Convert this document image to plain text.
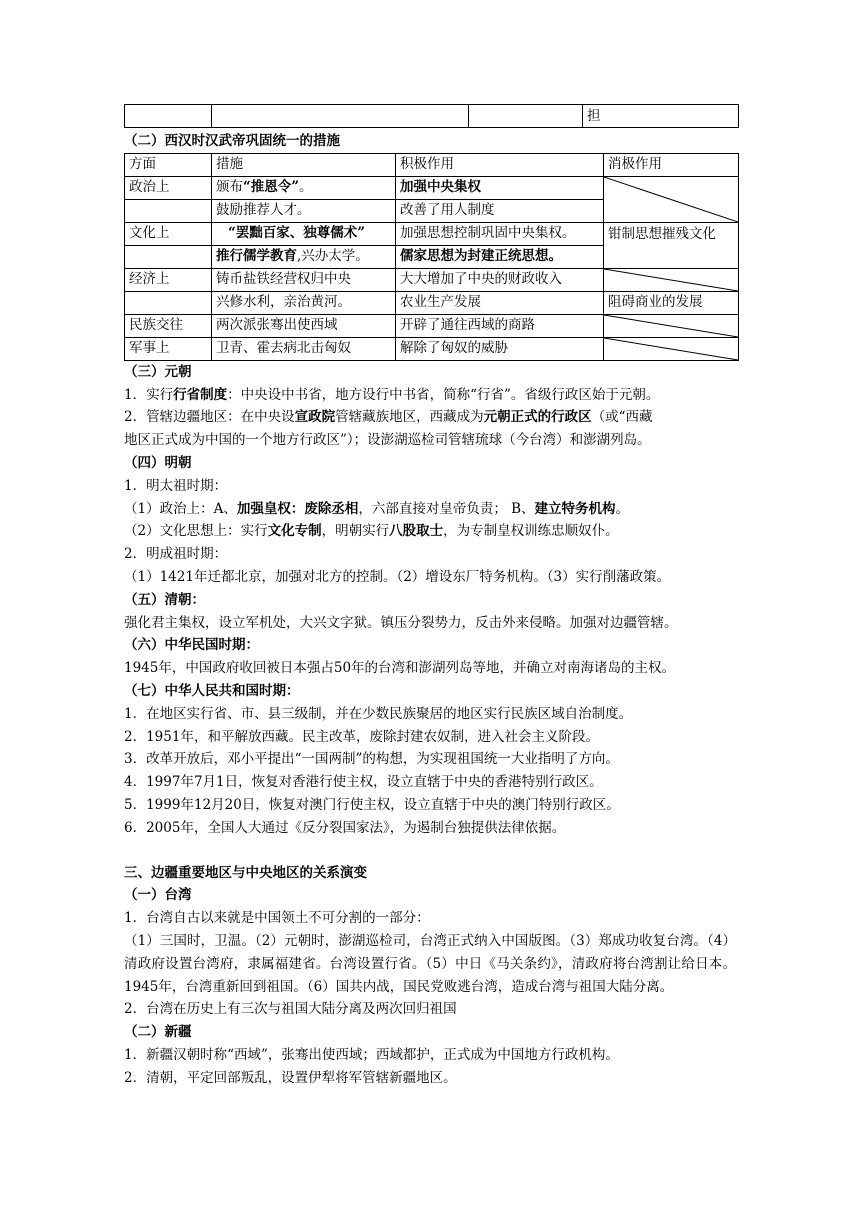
			担
（二）西汉时汉武帝巩固统一的措施
方面	措施	积极作用	消极作用
政治上	颁布“推恩令”。	加强中央集权	

	鼓励推荐人才。	改善了用人制度	
文化上	“罢黜百家、独尊儒术”	加强思想控制巩固中央集权。	钳制思想摧残文化
	推行儒学教育,兴办太学。	儒家思想为封建正统思想。	
经济上	铸币盐铁经营权归中央	大大增加了中央的财政收入	

	兴修水利，亲治黄河。	农业生产发展	阻碍商业的发展
民族交往	两次派张骞出使西域	开辟了通往西域的商路	

军事上	卫青、霍去病北击匈奴	解除了匈奴的威胁	
（三）元朝
1．实行行省制度：中央设中书省，地方设行中书省，简称“行省”。省级行政区始于元朝。
2．管辖边疆地区：在中央设宣政院管辖藏族地区，西藏成为元朝正式的行政区（或“西藏
地区正式成为中国的一个地方行政区”）；设澎湖巡检司管辖琉球（今台湾）和澎湖列岛。
（四）明朝
1．明太祖时期：
（1）政治上：A、加强皇权：废除丞相，六部直接对皇帝负责； B、建立特务机构。
（2）文化思想上：实行文化专制，明朝实行八股取士，为专制皇权训练忠顺奴仆。
2．明成祖时期：
（1）1421年迁都北京，加强对北方的控制。（2）增设东厂特务机构。（3）实行削藩政策。
（五）清朝：
强化君主集权，设立军机处，大兴文字狱。镇压分裂势力，反击外来侵略。加强对边疆管辖。
（六）中华民国时期：
1945年，中国政府收回被日本强占50年的台湾和澎湖列岛等地，并确立对南海诸岛的主权。
（七）中华人民共和国时期：
1．在地区实行省、市、县三级制，并在少数民族聚居的地区实行民族区域自治制度。
2．1951年，和平解放西藏。民主改革，废除封建农奴制，进入社会主义阶段。
3．改革开放后，邓小平提出“一国两制”的构想，为实现祖国统一大业指明了方向。
4．1997年7月1日，恢复对香港行使主权，设立直辖于中央的香港特别行政区。
5．1999年12月20日，恢复对澳门行使主权，设立直辖于中央的澳门特别行政区。
6．2005年，全国人大通过《反分裂国家法》，为遏制台独提供法律依据。
三、边疆重要地区与中央地区的关系演变
（一）台湾
1．台湾自古以来就是中国领土不可分割的一部分：
（1）三国时，卫温。（2）元朝时，澎湖巡检司，台湾正式纳入中国版图。（3）郑成功收复台湾。（4）清政府设置台湾府，隶属福建省。台湾设置行省。（5）中日《马关条约》，清政府将台湾割让给日本。1945年，台湾重新回到祖国。（6）国共内战，国民党败逃台湾，造成台湾与祖国大陆分离。
2．台湾在历史上有三次与祖国大陆分离及两次回归祖国
（二）新疆
1．新疆汉朝时称“西域”，张骞出使西域；西域都护，正式成为中国地方行政机构。
2．清朝，平定回部叛乱，设置伊犁将军管辖新疆地区。
